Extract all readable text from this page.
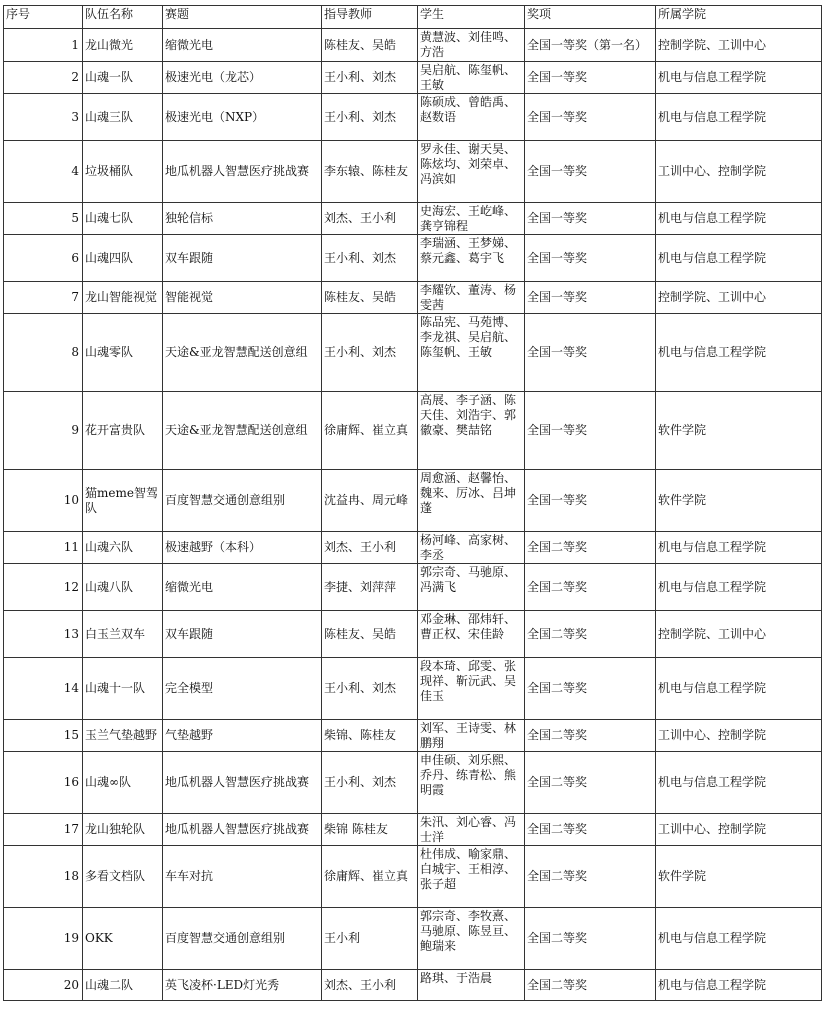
序号	队伍名称	赛题	指导教师	学生	奖项	所属学院
1	龙山微光	缩微光电	陈桂友、吴皓	黄慧波、刘佳鸣、方浩	全国一等奖（第一名）	控制学院、工训中心
2	山魂一队	极速光电（龙芯）	王小利、刘杰	吴启航、陈玺帆、王敏	全国一等奖	机电与信息工程学院
3	山魂三队	极速光电（NXP）	王小利、刘杰	陈硕成、曾皓禹、赵数语	全国一等奖	机电与信息工程学院
4	垃圾桶队	地瓜机器人智慧医疗挑战赛	李东辕、陈桂友	罗永佳、谢天昊、陈炫均、刘荣卓、冯滨如	全国一等奖	工训中心、控制学院
5	山魂七队	独轮信标	刘杰、王小利	史海宏、王屹峰、龚亨锦程	全国一等奖	机电与信息工程学院
6	山魂四队	双车跟随	王小利、刘杰	李瑞涵、王梦娣、蔡元鑫、葛宇飞	全国一等奖	机电与信息工程学院
7	龙山智能视觉	智能视觉	陈桂友、吴皓	李耀钦、董涛、杨雯茜	全国一等奖	控制学院、工训中心
8	山魂零队	天途&亚龙智慧配送创意组	王小利、刘杰	陈品宪、马苑博、李龙祺、吴启航、陈玺帆、王敏	全国一等奖	机电与信息工程学院
9	花开富贵队	天途&亚龙智慧配送创意组	徐庸辉、崔立真	高展、李子涵、陈天佳、刘浩宇、郭徽豪、樊喆铭	全国一等奖	软件学院
10	猫meme智驾队	百度智慧交通创意组别	沈益冉、周元峰	周愈涵、赵馨怡、魏来、厉冰、吕坤蓬	全国一等奖	软件学院
11	山魂六队	极速越野（本科）	刘杰、王小利	杨河峰、高家树、李丞	全国二等奖	机电与信息工程学院
12	山魂八队	缩微光电	李捷、刘萍萍	郭宗奇、马驰原、冯满飞	全国二等奖	机电与信息工程学院
13	白玉兰双车	双车跟随	陈桂友、吴皓	邓金琳、邵炜轩、曹正权、宋佳龄	全国二等奖	控制学院、工训中心
14	山魂十一队	完全模型	王小利、刘杰	段本琦、邱雯、张现祥、靳沅武、吴佳玉	全国二等奖	机电与信息工程学院
15	玉兰气垫越野	气垫越野	柴锦、陈桂友	刘军、王诗雯、林鹏翔	全国二等奖	工训中心、控制学院
16	山魂∞队	地瓜机器人智慧医疗挑战赛	王小利、刘杰	申佳硕、刘乐熙、乔丹、练青松、熊明霞	全国二等奖	机电与信息工程学院
17	龙山独轮队	地瓜机器人智慧医疗挑战赛	柴锦 陈桂友	朱汛、刘心睿、冯士洋	全国二等奖	工训中心、控制学院
18	多看文档队	车车对抗	徐庸辉、崔立真	杜伟成、喻家鼎、白城宇、王相淳、张子超	全国二等奖	软件学院
19	OKK	百度智慧交通创意组别	王小利	郭宗奇、李牧熹、马驰原、陈昱亘、鲍瑞来	全国二等奖	机电与信息工程学院
20	山魂二队	英飞凌杯·LED灯光秀	刘杰、王小利	路琪、于浩晨	全国二等奖	机电与信息工程学院
